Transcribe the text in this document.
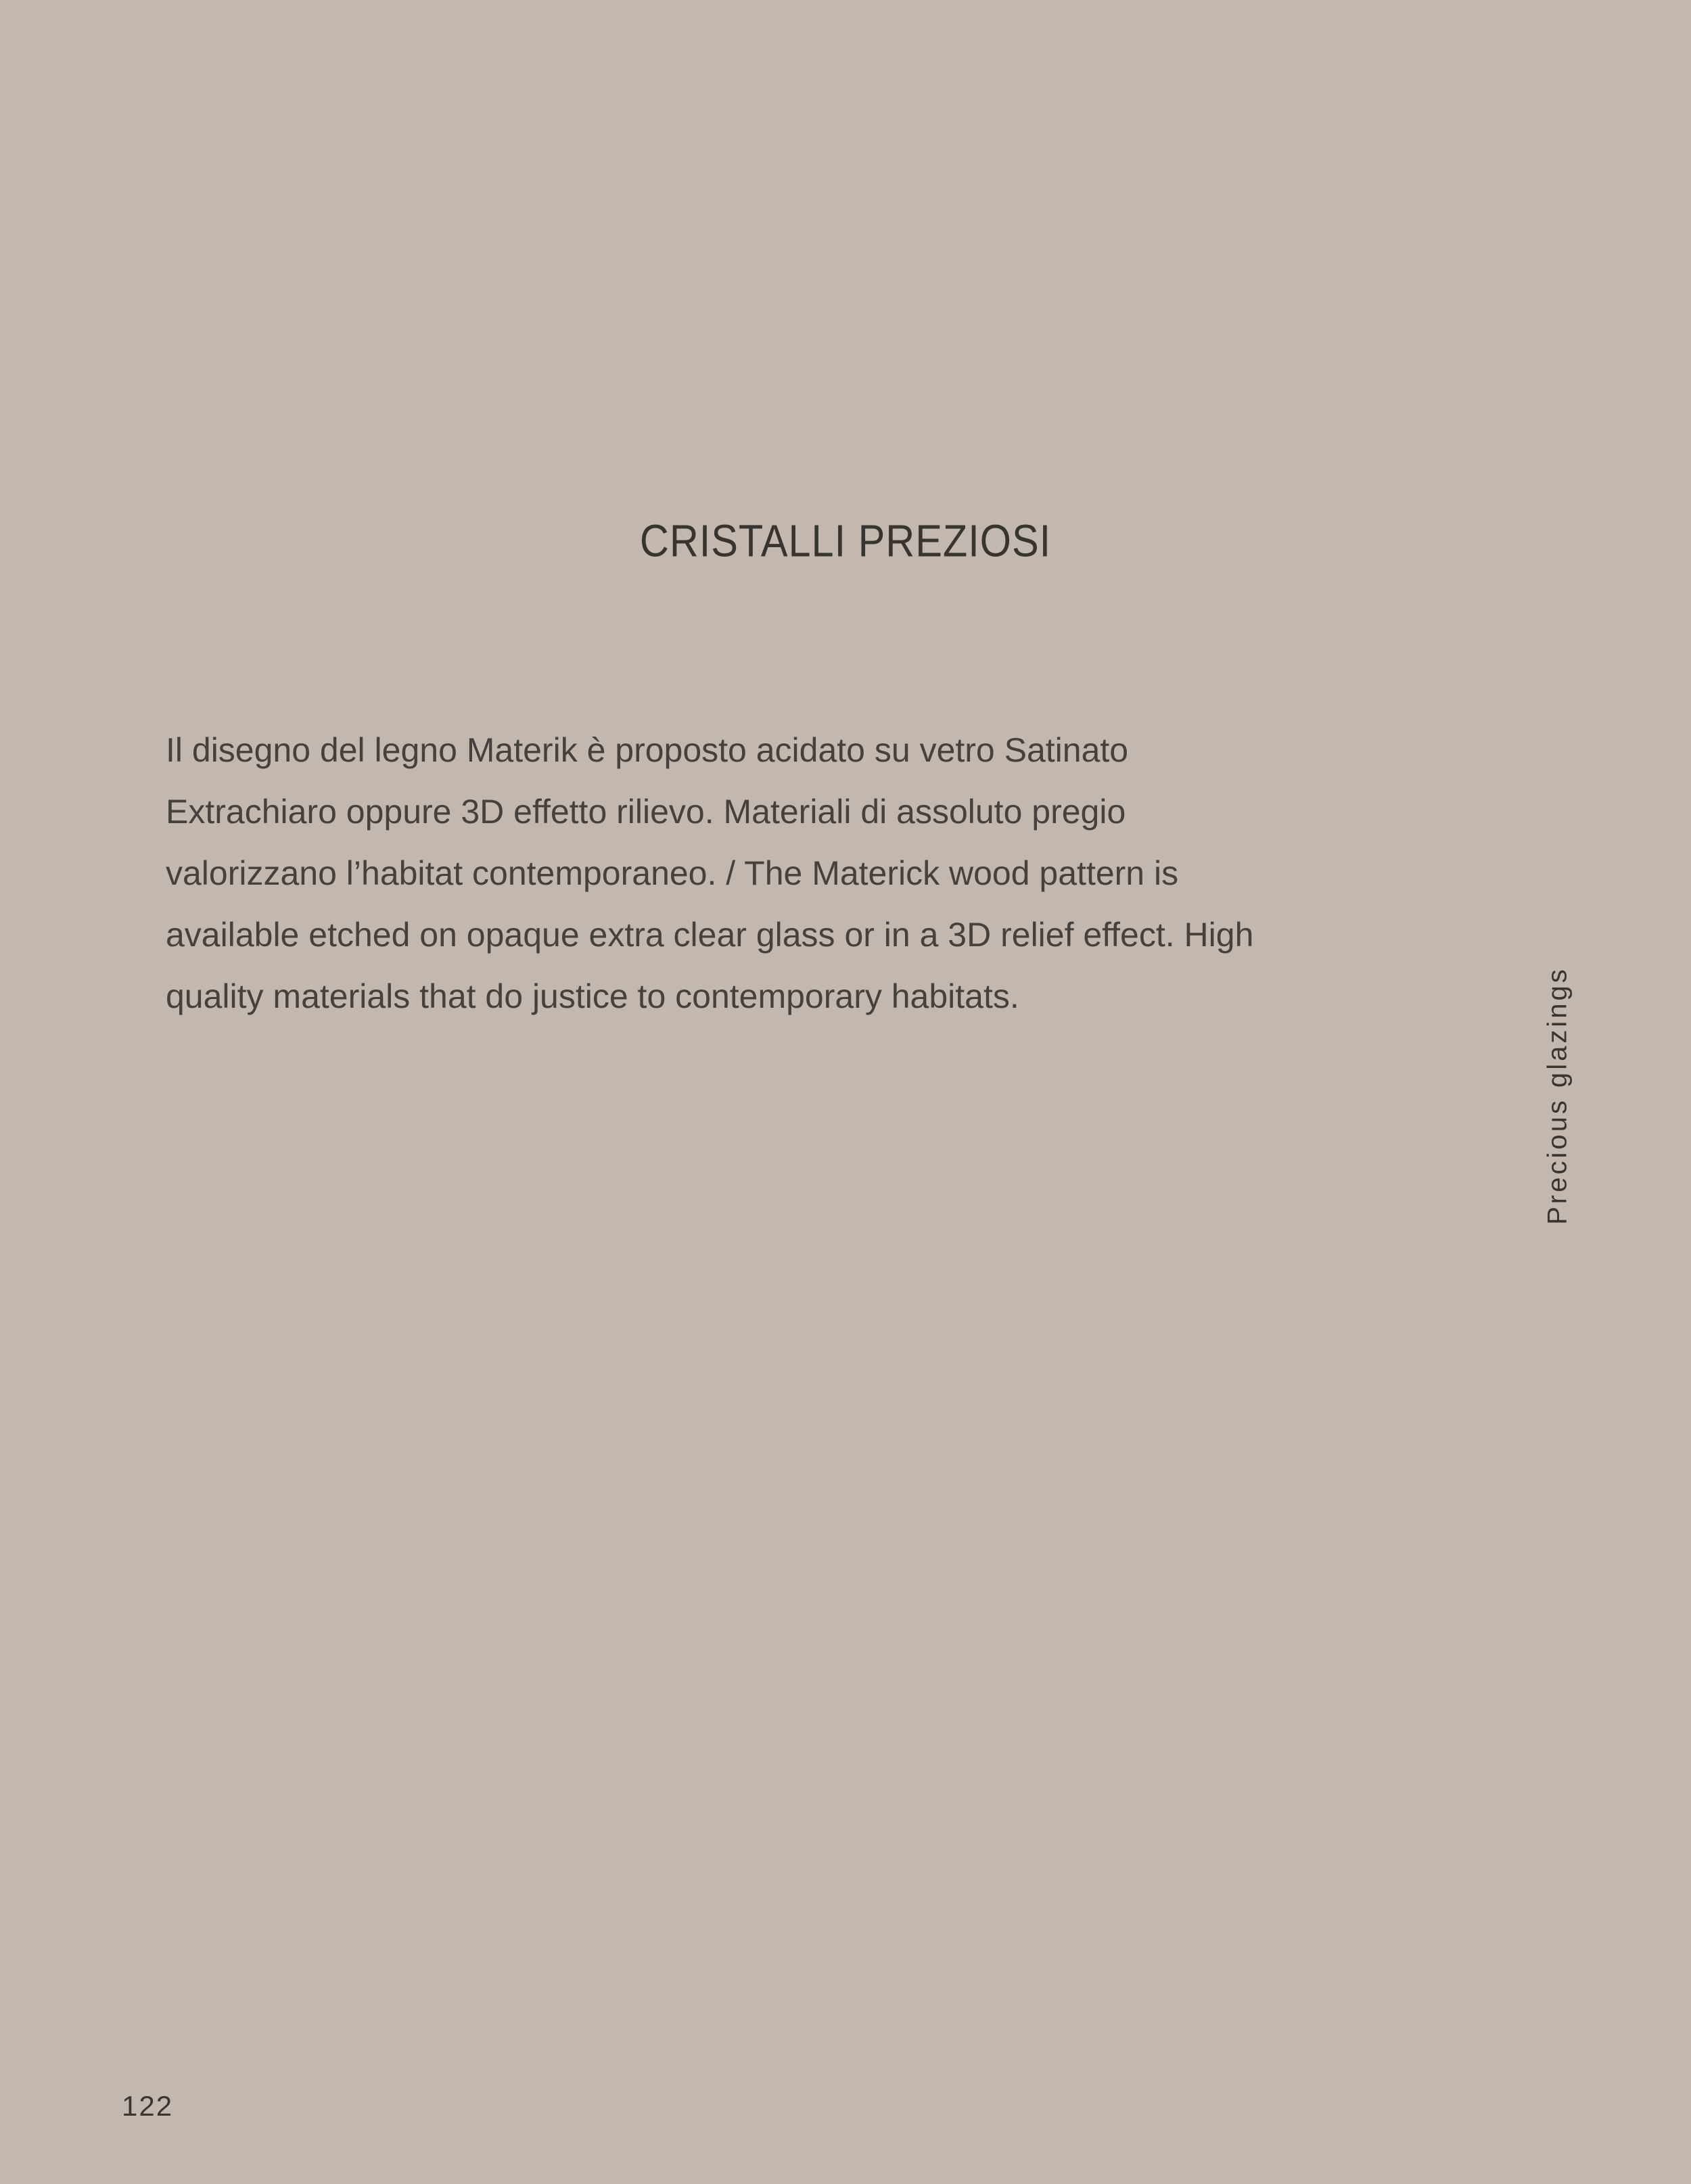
CRISTALLI PREZIOSI
Il disegno del legno Materik è proposto acidato su vetro Satinato
Extrachiaro oppure 3D effetto rilievo. Materiali di assoluto pregio
valorizzano l’habitat contemporaneo. / The Materick wood pattern is
available etched on opaque extra clear glass or in a 3D relief effect. High
quality materials that do justice to contemporary habitats.	Precious glazings
122
